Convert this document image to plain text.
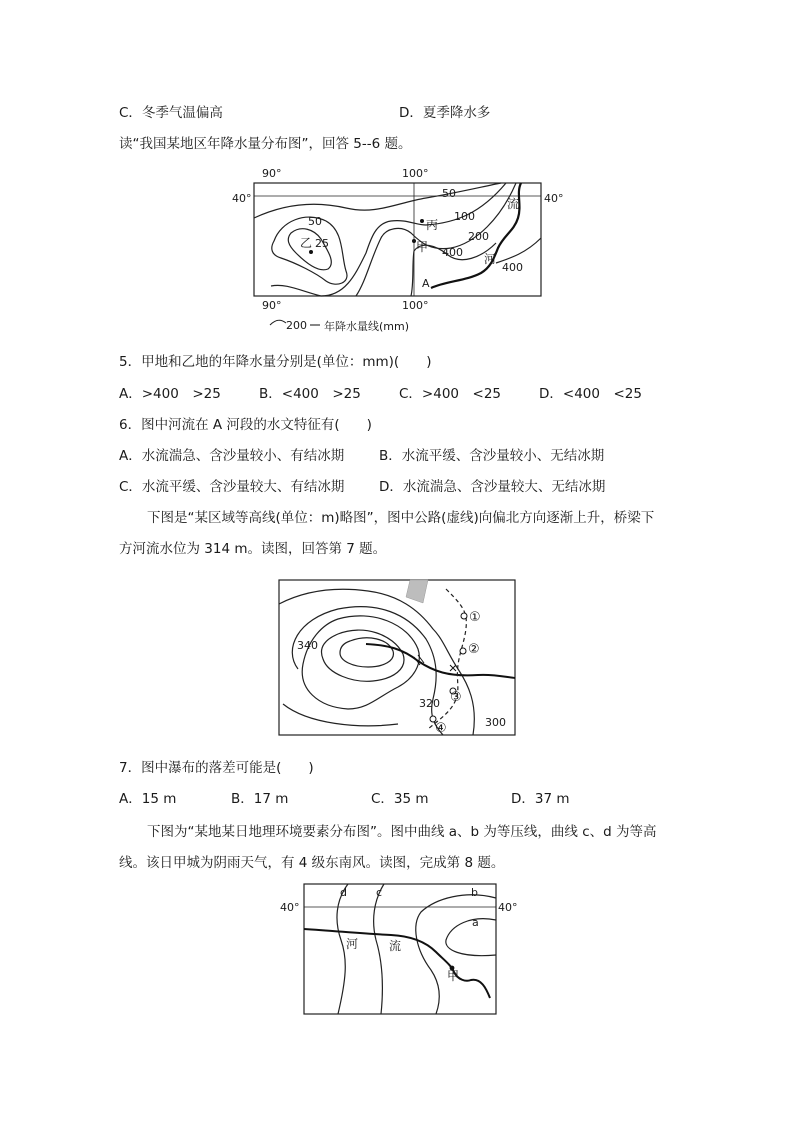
C．冬季气温偏高	D．夏季降水多
读“我国某地区年降水量分布图”，回答 5--6 题。
90°	100°
40°	40°
90°	100°
50
50
乙 25
100
丙
甲
200
400
400
流
河
A
200 年降水量线(mm)
5．甲地和乙地的年降水量分别是(单位：mm)(　　)
A．>400　>25	B．<400　>25	C．>400　<25	D．<400　<25
6．图中河流在 A 河段的水文特征有(　　)
A．水流湍急、含沙量较小、有结冰期	B．水流平缓、含沙量较小、无结冰期
C．水流平缓、含沙量较大、有结冰期	D．水流湍急、含沙量较大、无结冰期
下图是“某区域等高线(单位：m)略图”，图中公路(虚线)向偏北方向逐渐上升，桥梁下
方河流水位为 314 m。读图，回答第 7 题。
①
②
③
④
340
320
300
7．图中瀑布的落差可能是(　　)
A．15 m	B．17 m	C．35 m	D．37 m
下图为“某地某日地理环境要素分布图”。图中曲线 a、b 为等压线，曲线 c、d 为等高
线。该日甲城为阴雨天气，有 4 级东南风。读图，完成第 8 题。
d	c	b
a
40°	40°
河	流
甲
